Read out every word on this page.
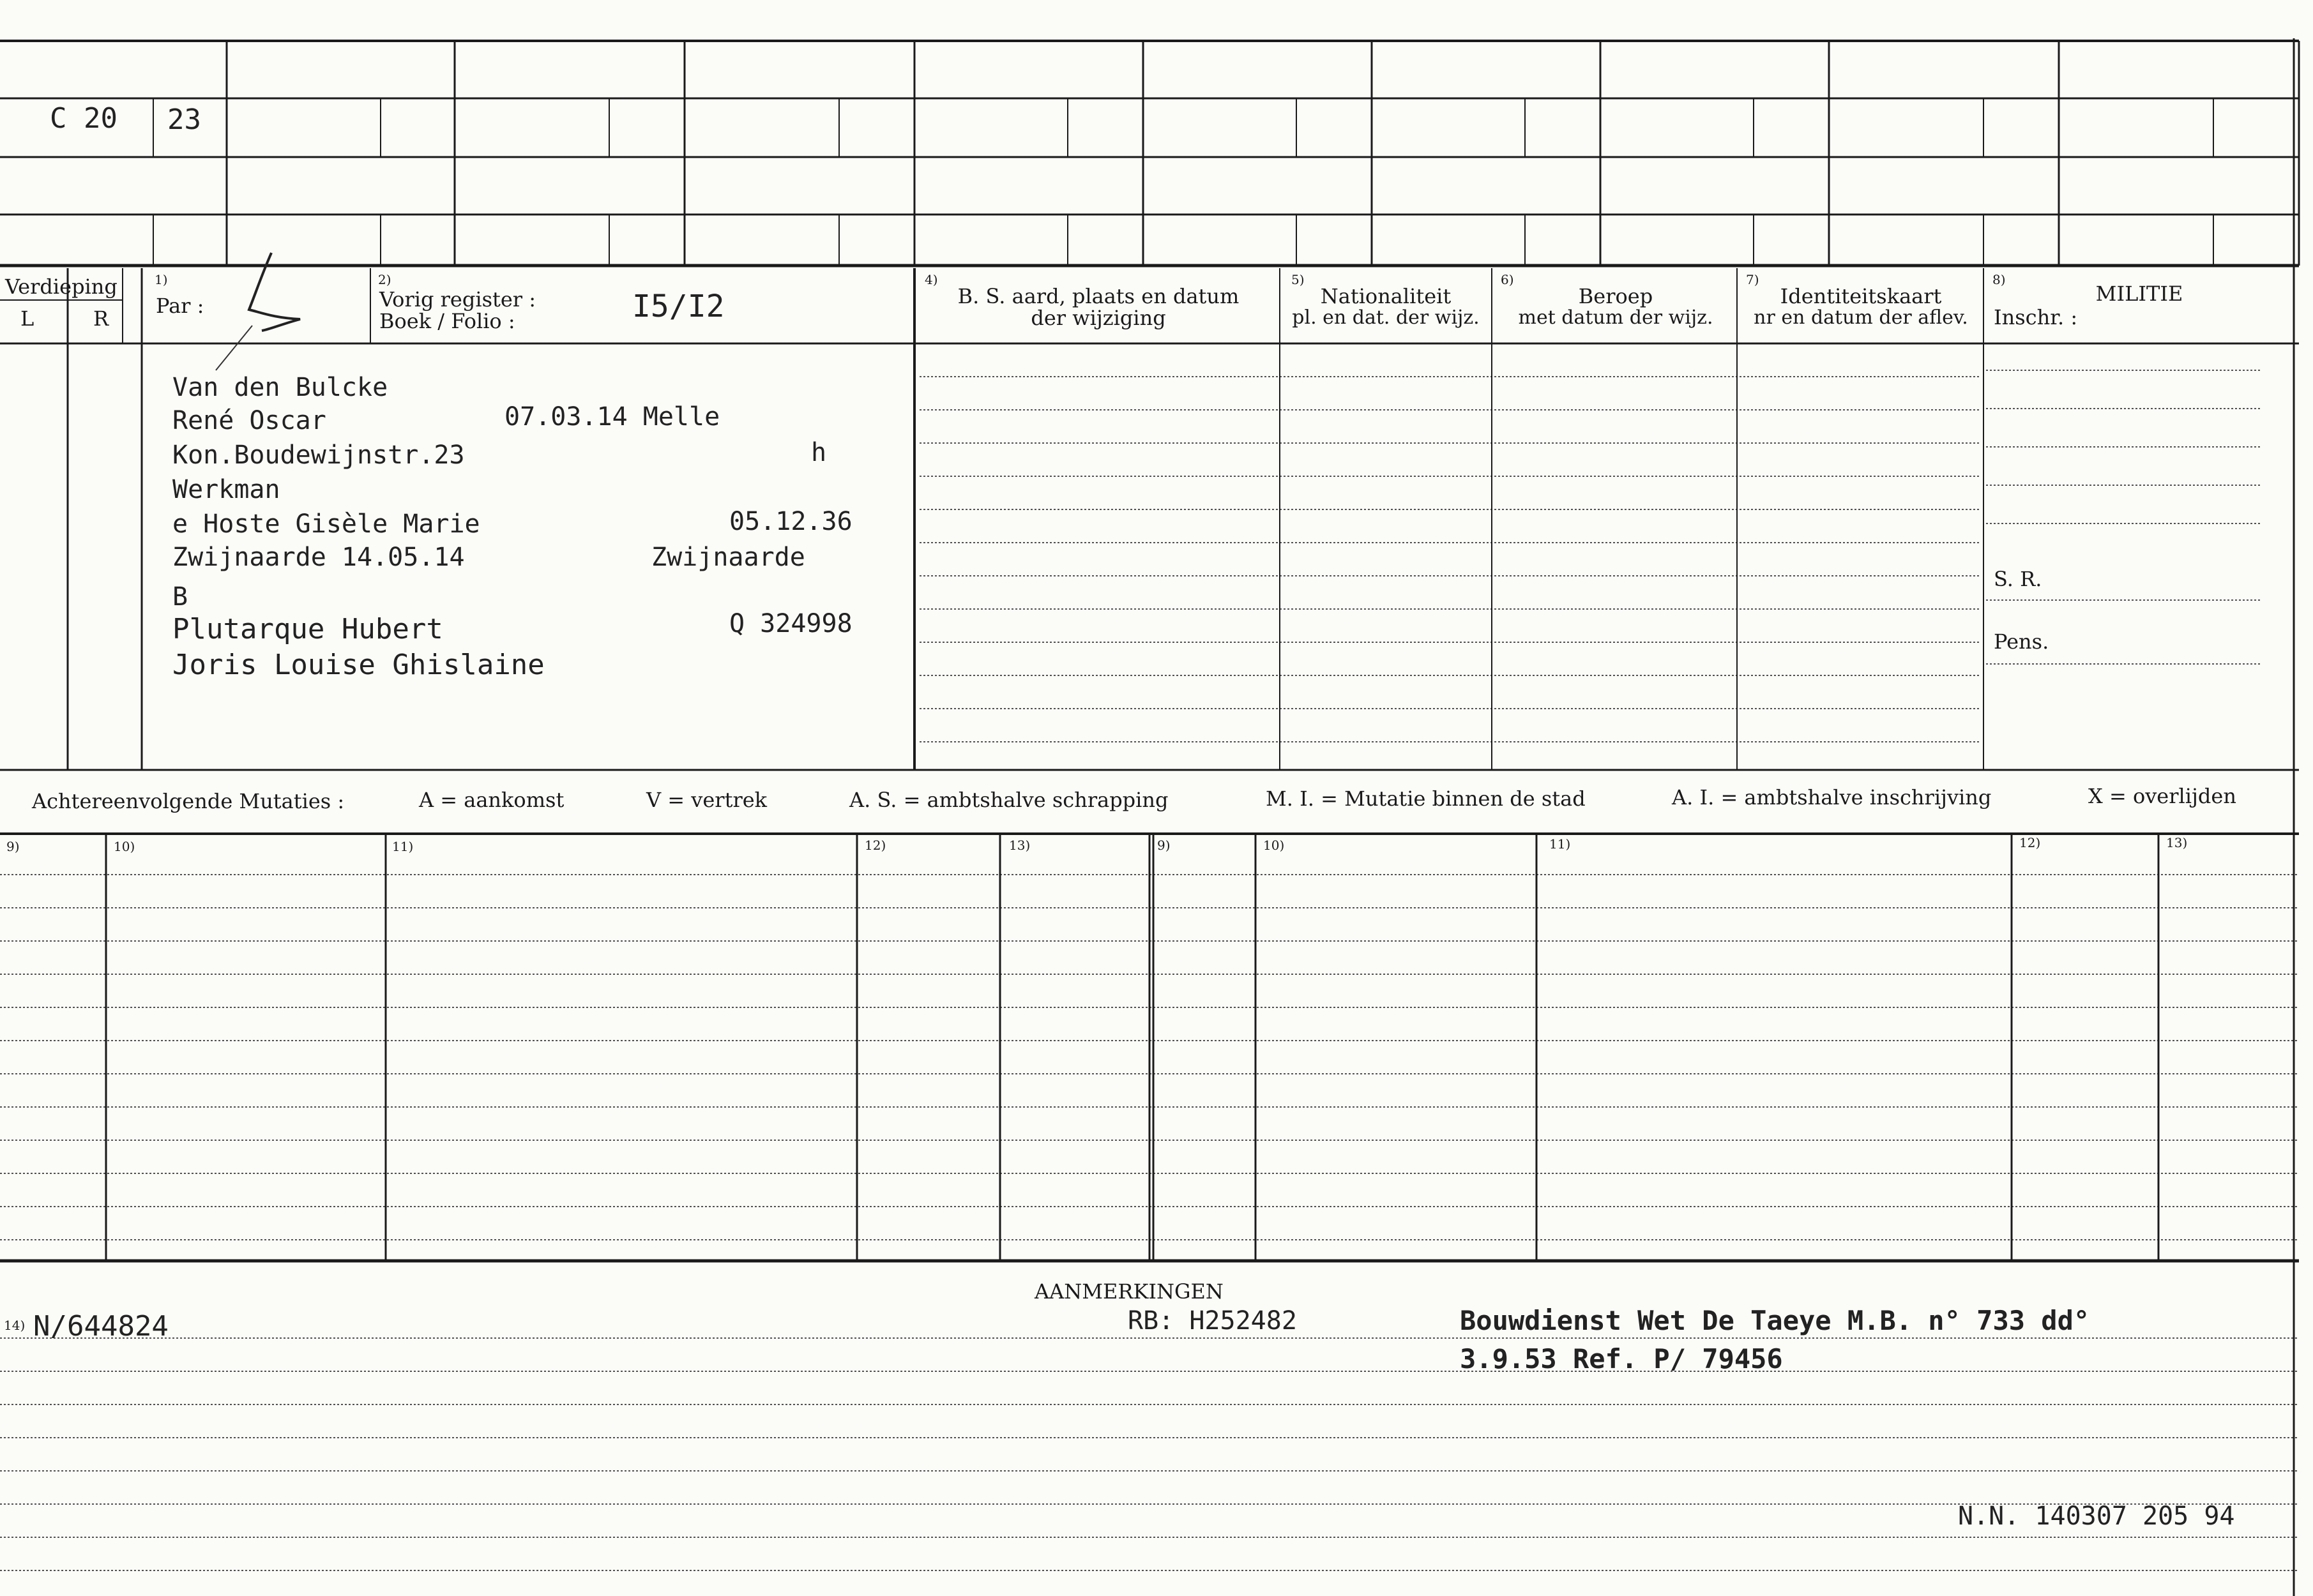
C 20 23
Verdieping
L	R
1)
Par :
2)
Vorig register :
Boek / Folio :	I5/I2
4)
B. S. aard, plaats en datum
der wijziging
5)
Nationaliteit
pl. en dat. der wijz.
6)
Beroep
met datum der wijz.
7)
Identiteitskaart
nr en datum der aflev.
8)
MILITIE
Inschr. :
S. R.
Pens.
Van den Bulcke
René Oscar	07.03.14 Melle
Kon.Boudewijnstr.23	h
Werkman
e Hoste Gisèle Marie	05.12.36
Zwijnaarde 14.05.14	Zwijnaarde
B
Plutarque Hubert	Q 324998
Joris Louise Ghislaine
Achtereenvolgende Mutaties :	A = aankomst	V = vertrek	A. S. = ambtshalve schrapping	M. I. = Mutatie binnen de stad	A. I. = ambtshalve inschrijving	X = overlijden
9)	10)	11)	12)	13)	9)	10)	11)	12)	13)
AANMERKINGEN
14) N/644824	RB: H252482	Bouwdienst Wet De Taeye M.B. n° 733 dd°
3.9.53 Ref. P/ 79456
N.N. 140307 205 94
